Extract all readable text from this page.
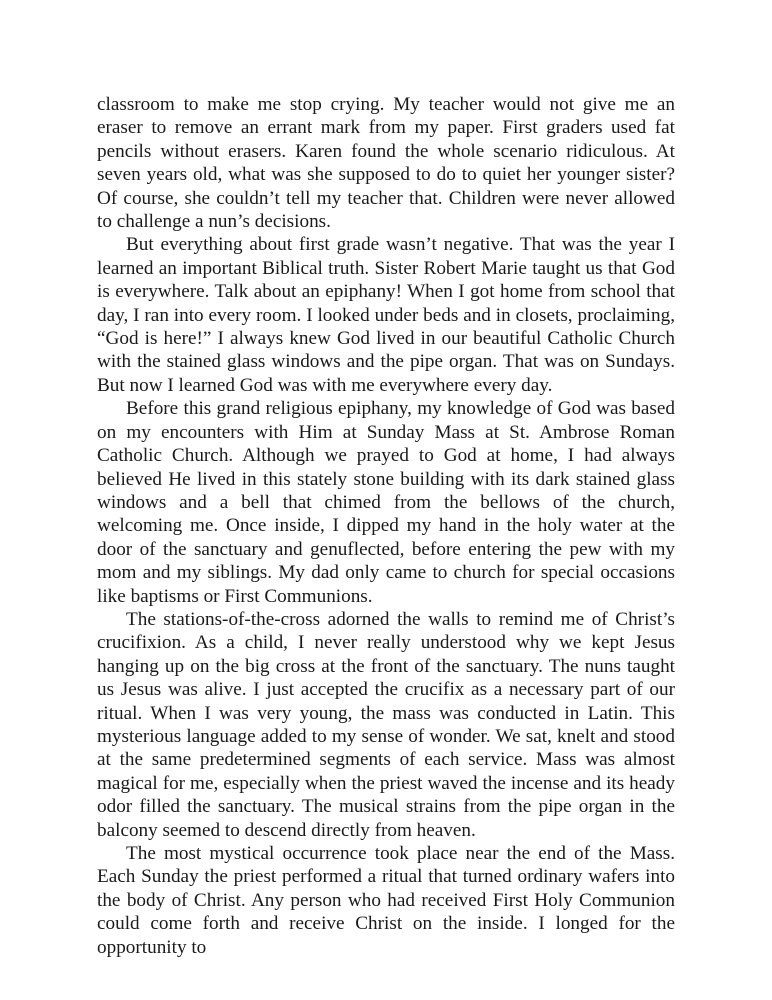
classroom to make me stop crying. My teacher would not give me an eraser to remove an errant mark from my paper. First graders used fat pencils without erasers. Karen found the whole scenario ridiculous. At seven years old, what was she supposed to do to quiet her younger sister? Of course, she couldn’t tell my teacher that. Children were never allowed to challenge a nun’s decisions.

But everything about first grade wasn’t negative. That was the year I learned an important Biblical truth. Sister Robert Marie taught us that God is everywhere. Talk about an epiphany! When I got home from school that day, I ran into every room. I looked under beds and in closets, proclaiming, “God is here!” I always knew God lived in our beautiful Catholic Church with the stained glass windows and the pipe organ. That was on Sundays. But now I learned God was with me everywhere every day.

Before this grand religious epiphany, my knowledge of God was based on my encounters with Him at Sunday Mass at St. Ambrose Roman Catholic Church. Although we prayed to God at home, I had always believed He lived in this stately stone building with its dark stained glass windows and a bell that chimed from the bellows of the church, welcoming me. Once inside, I dipped my hand in the holy water at the door of the sanctuary and genuflected, before entering the pew with my mom and my siblings. My dad only came to church for special occasions like baptisms or First Communions.

The stations-of-the-cross adorned the walls to remind me of Christ’s crucifixion. As a child, I never really understood why we kept Jesus hanging up on the big cross at the front of the sanctuary. The nuns taught us Jesus was alive. I just accepted the crucifix as a necessary part of our ritual. When I was very young, the mass was conducted in Latin. This mysterious language added to my sense of wonder. We sat, knelt and stood at the same predetermined segments of each service. Mass was almost magical for me, especially when the priest waved the incense and its heady odor filled the sanctuary. The musical strains from the pipe organ in the balcony seemed to descend directly from heaven.

The most mystical occurrence took place near the end of the Mass. Each Sunday the priest performed a ritual that turned ordinary wafers into the body of Christ. Any person who had received First Holy Communion could come forth and receive Christ on the inside. I longed for the opportunity to
